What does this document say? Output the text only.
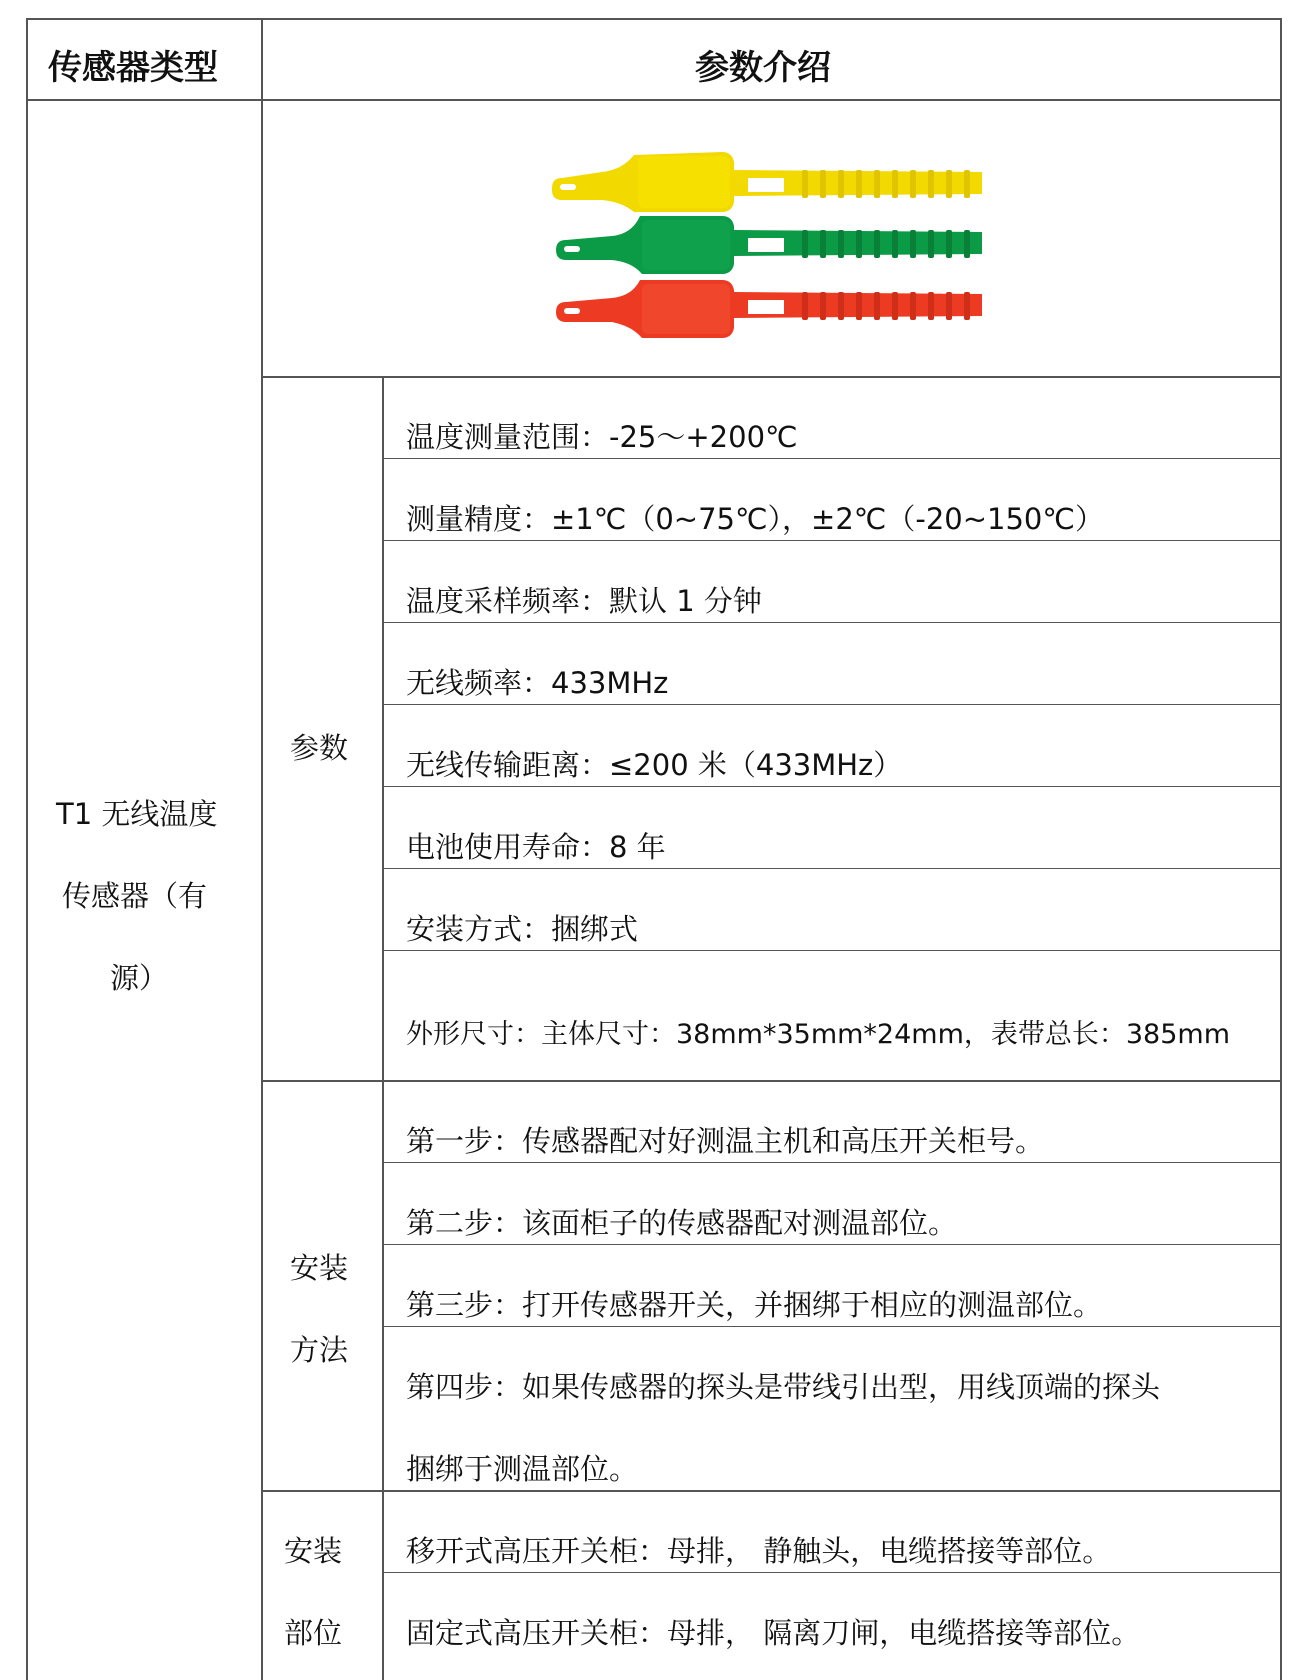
传感器类型	参数介绍
T1 无线温度
传感器（有
源）
参数
温度测量范围：-25～+200℃
测量精度：±1℃（0~75℃），±2℃（-20~150℃）
温度采样频率：默认 1 分钟
无线频率：433MHz
无线传输距离：≤200 米（433MHz）
电池使用寿命：8 年
安装方式：捆绑式
外形尺寸：主体尺寸：38mm*35mm*24mm，表带总长：385mm
安装
方法
第一步：传感器配对好测温主机和高压开关柜号。
第二步：该面柜子的传感器配对测温部位。
第三步：打开传感器开关，并捆绑于相应的测温部位。
第四步：如果传感器的探头是带线引出型，用线顶端的探头
捆绑于测温部位。
安装
部位
移开式高压开关柜：母排， 静触头，电缆搭接等部位。
固定式高压开关柜：母排， 隔离刀闸，电缆搭接等部位。
